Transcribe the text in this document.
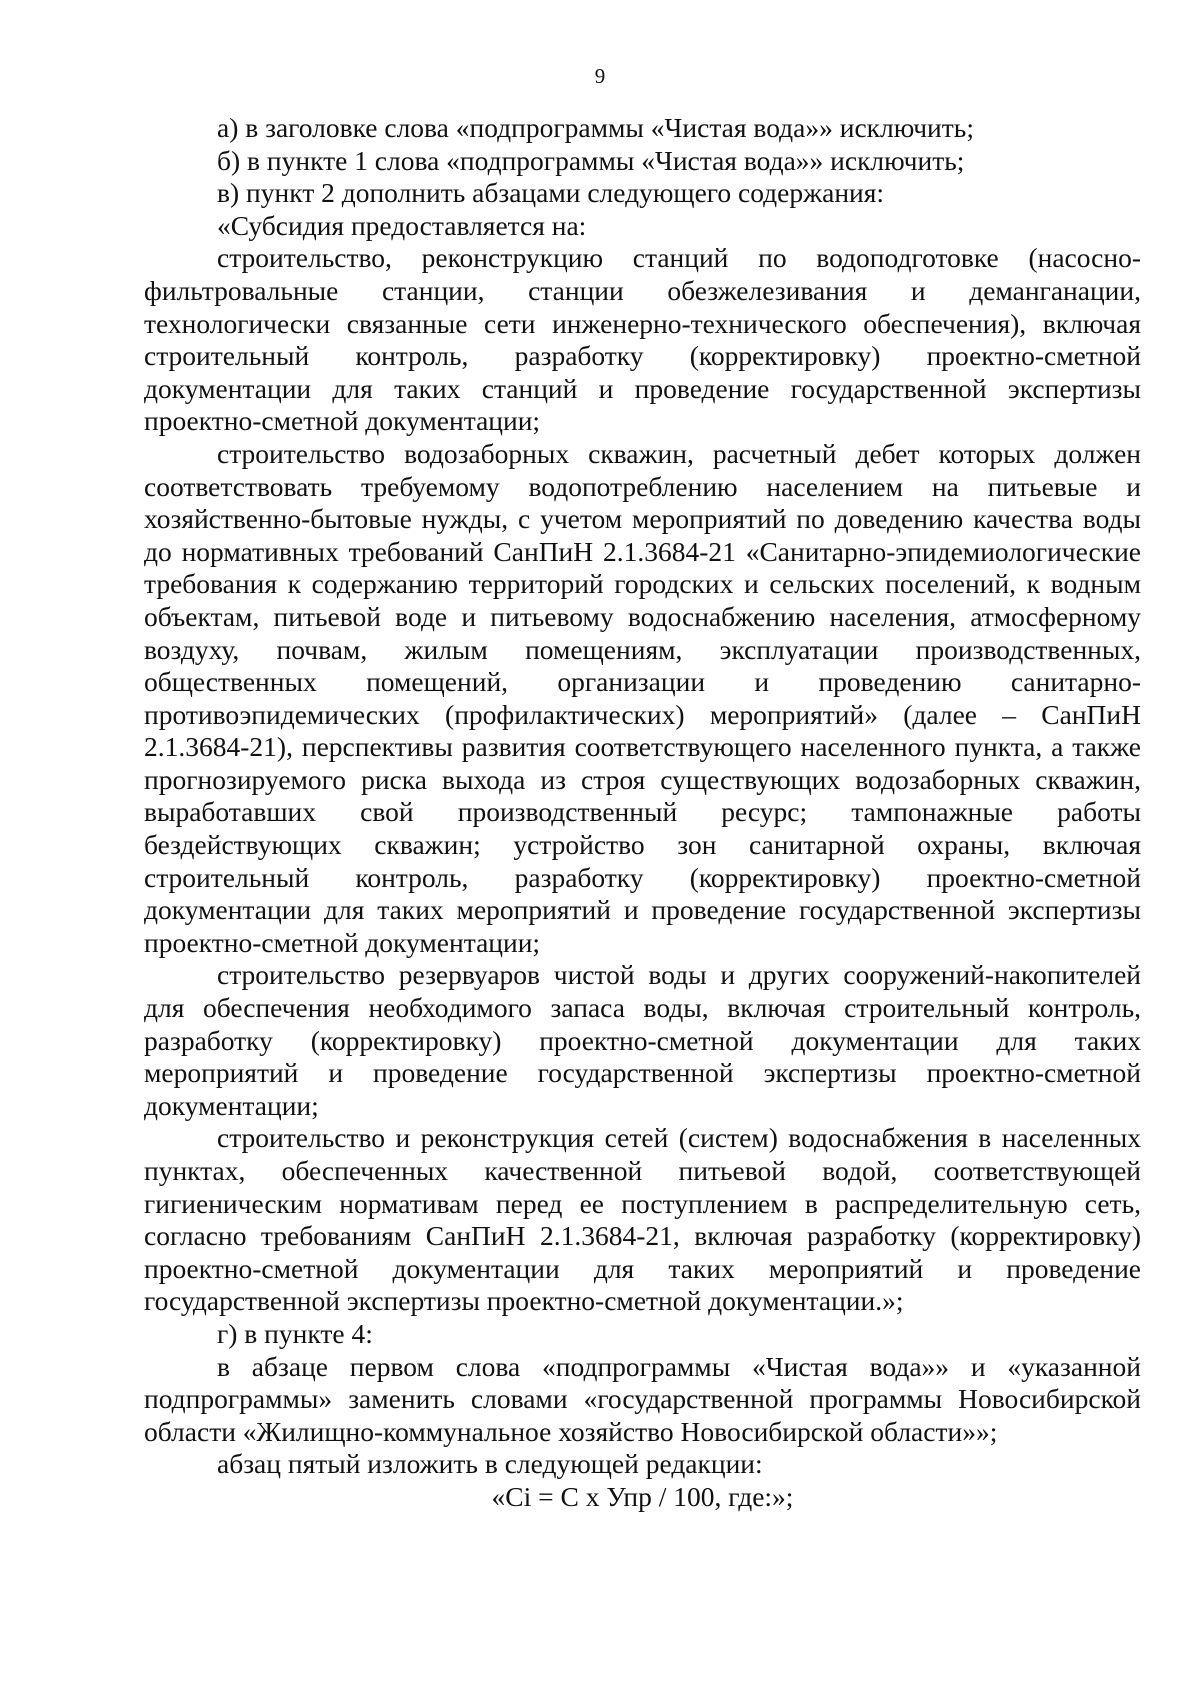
9

а) в заголовке слова «подпрограммы «Чистая вода»» исключить;

б) в пункте 1 слова «подпрограммы «Чистая вода»» исключить;

в) пункт 2 дополнить абзацами следующего содержания:

«Субсидия предоставляется на:

строительство, реконструкцию станций по водоподготовке (насосно-фильтровальные станции, станции обезжелезивания и деманганации, технологически связанные сети инженерно-технического обеспечения), включая строительный контроль, разработку (корректировку) проектно-сметной документации для таких станций и проведение государственной экспертизы проектно-сметной документации;

строительство водозаборных скважин, расчетный дебет которых должен соответствовать требуемому водопотреблению населением на питьевые и хозяйственно-бытовые нужды, с учетом мероприятий по доведению качества воды до нормативных требований СанПиН 2.1.3684-21 «Санитарно-эпидемиологические требования к содержанию территорий городских и сельских поселений, к водным объектам, питьевой воде и питьевому водоснабжению населения, атмосферному воздуху, почвам, жилым помещениям, эксплуатации производственных, общественных помещений, организации и проведению санитарно-противоэпидемических (профилактических) мероприятий» (далее – СанПиН 2.1.3684-21), перспективы развития соответствующего населенного пункта, а также прогнозируемого риска выхода из строя существующих водозаборных скважин, выработавших свой производственный ресурс; тампонажные работы бездействующих скважин; устройство зон санитарной охраны, включая строительный контроль, разработку (корректировку) проектно-сметной документации для таких мероприятий и проведение государственной экспертизы проектно-сметной документации;

строительство резервуаров чистой воды и других сооружений-накопителей для обеспечения необходимого запаса воды, включая строительный контроль, разработку (корректировку) проектно-сметной документации для таких мероприятий и проведение государственной экспертизы проектно-сметной документации;

строительство и реконструкция сетей (систем) водоснабжения в населенных пунктах, обеспеченных качественной питьевой водой, соответствующей гигиеническим нормативам перед ее поступлением в распределительную сеть, согласно требованиям СанПиН 2.1.3684-21, включая разработку (корректировку) проектно-сметной документации для таких мероприятий и проведение государственной экспертизы проектно-сметной документации.»;

г) в пункте 4:

в абзаце первом слова «подпрограммы «Чистая вода»» и «указанной подпрограммы» заменить словами «государственной программы Новосибирской области «Жилищно-коммунальное хозяйство Новосибирской области»»;

абзац пятый изложить в следующей редакции:

«Ci = C x Упр / 100, где:»;
